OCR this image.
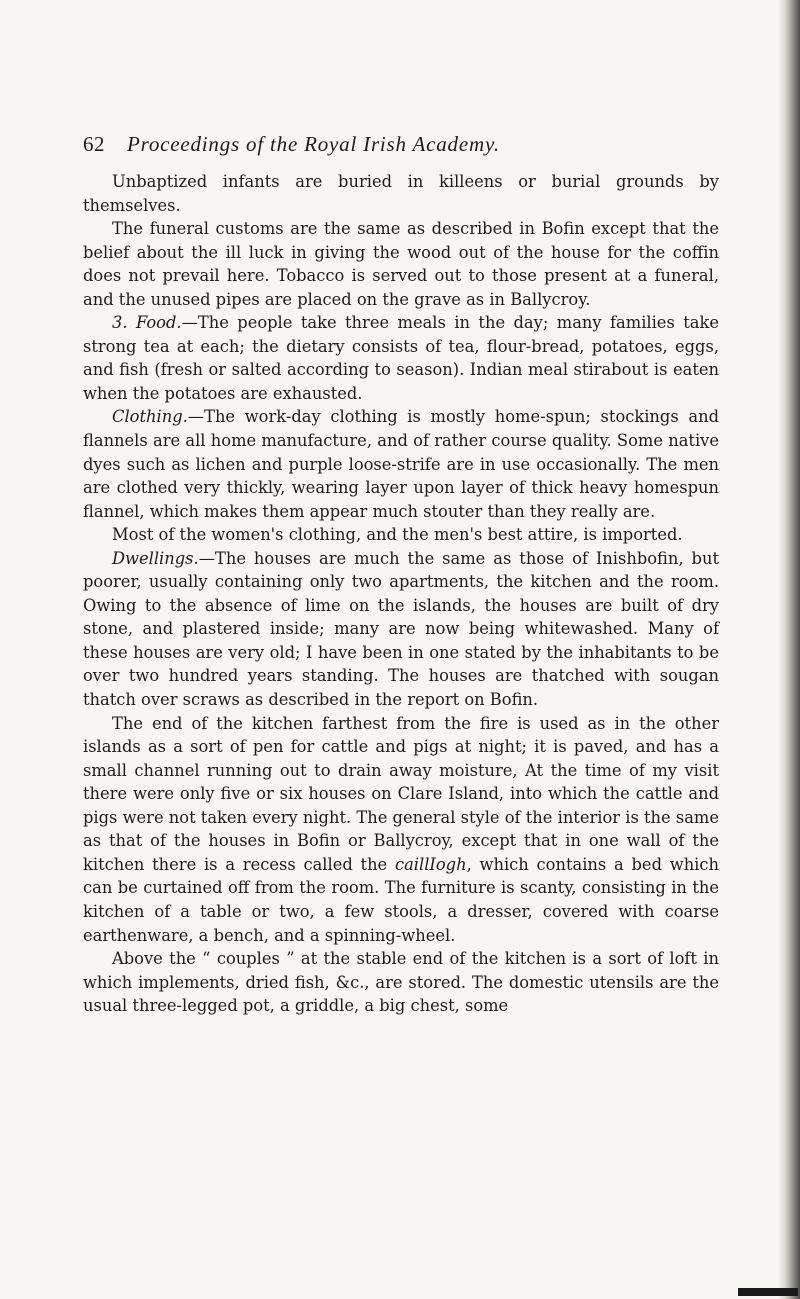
62 Proceedings of the Royal Irish Academy.

Unbaptized infants are buried in killeens or burial grounds by themselves.

The funeral customs are the same as described in Bofin except that the belief about the ill luck in giving the wood out of the house for the coffin does not prevail here. Tobacco is served out to those present at a funeral, and the unused pipes are placed on the grave as in Ballycroy.

3. Food.—The people take three meals in the day; many families take strong tea at each; the dietary consists of tea, flour-bread, potatoes, eggs, and fish (fresh or salted according to season). Indian meal stirabout is eaten when the potatoes are exhausted.

Clothing.—The work-day clothing is mostly home-spun; stockings and flannels are all home manufacture, and of rather course quality. Some native dyes such as lichen and purple loose-strife are in use occasionally. The men are clothed very thickly, wearing layer upon layer of thick heavy homespun flannel, which makes them appear much stouter than they really are.

Most of the women's clothing, and the men's best attire, is imported.

Dwellings.—The houses are much the same as those of Inishbofin, but poorer, usually containing only two apartments, the kitchen and the room. Owing to the absence of lime on the islands, the houses are built of dry stone, and plastered inside; many are now being whitewashed. Many of these houses are very old; I have been in one stated by the inhabitants to be over two hundred years standing. The houses are thatched with sougan thatch over scraws as described in the report on Bofin.

The end of the kitchen farthest from the fire is used as in the other islands as a sort of pen for cattle and pigs at night; it is paved, and has a small channel running out to drain away moisture, At the time of my visit there were only five or six houses on Clare Island, into which the cattle and pigs were not taken every night. The general style of the interior is the same as that of the houses in Bofin or Ballycroy, except that in one wall of the kitchen there is a recess called the caillIogh, which contains a bed which can be curtained off from the room. The furniture is scanty, consisting in the kitchen of a table or two, a few stools, a dresser, covered with coarse earthenware, a bench, and a spinning-wheel.

Above the “ couples ” at the stable end of the kitchen is a sort of loft in which implements, dried fish, &c., are stored. The domestic utensils are the usual three-legged pot, a griddle, a big chest, some
